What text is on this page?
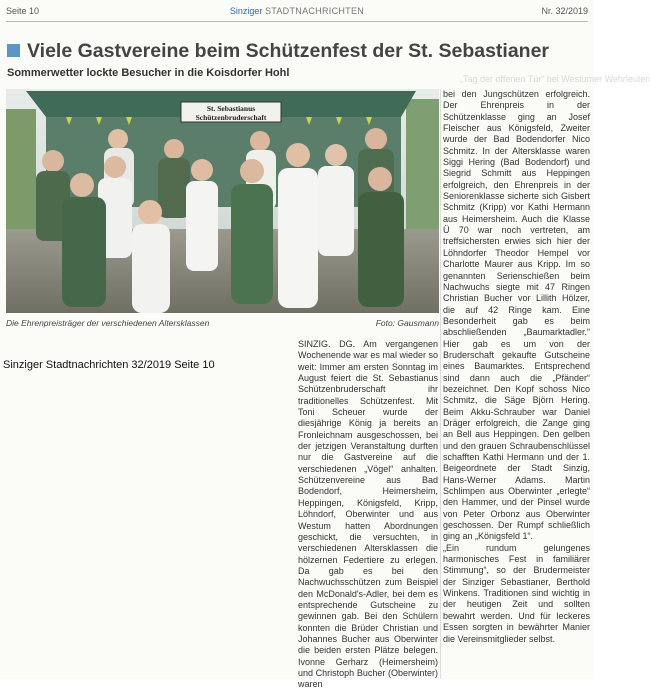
Seite 10	Sinziger STADTNACHRICHTEN	Nr. 32/2019
„Tag der offenen Tür“ bei Westumer Wehrleuten
Viele Gastvereine beim Schützenfest der St. Sebastianer
Sommerwetter lockte Besucher in die Koisdorfer Hohl
St. Sebastianus
Schützenbruderschaft
Die Ehrenpreisträger der verschiedenen Altersklassen	Foto: Gausmann
Sinziger Stadtnachrichten 32/2019 Seite 10

SINZIG. DG. Am vergangenen Wochenende war es mal wieder so weit: Immer am ersten Sonntag im August feiert die St. Sebastianus Schützenbruderschaft ihr traditionelles Schützenfest. Mit Toni Scheuer wurde der diesjährige König ja bereits an Fronleichnam ausgeschossen, bei der jetzigen Veranstaltung durften nur die Gastvereine auf die verschiedenen „Vögel“ anhalten. Schützenvereine aus Bad Bodendorf, Heimersheim, Heppingen, Königsfeld, Kripp, Löhndorf, Oberwinter und aus Westum hatten Abordnungen geschickt, die versuchten, in verschiedenen Altersklassen die hölzernen Federtiere zu erlegen. Da gab es bei den Nachwuchsschützen zum Beispiel den McDonald's-Adler, bei dem es entsprechende Gutscheine zu gewinnen gab. Bei den Schülern konnten die Brüder Christian und Johannes Bucher aus Oberwinter die beiden ersten Plätze belegen. Ivonne Gerharz (Heimersheim) und Christoph Bucher (Oberwinter) waren

bei den Jungschützen erfolgreich. Der Ehrenpreis in der Schützenklasse ging an Josef Fleischer aus Königsfeld, Zweiter wurde der Bad Bodendorfer Nico Schmitz. In der Altersklasse waren Siggi Hering (Bad Bodendorf) und Siegrid Schmitt aus Heppingen erfolgreich, den Ehrenpreis in der Seniorenklasse sicherte sich Gisbert Schmitz (Kripp) vor Kathi Hermann aus Heimersheim. Auch die Klasse Ü 70 war noch vertreten, am treffsichersten erwies sich hier der Löhndorfer Theodor Hempel vor Charlotte Maurer aus Kripp. Im so genannten Serienschießen beim Nachwuchs siegte mit 47 Ringen Christian Bucher vor Lillith Hölzer, die auf 42 Ringe kam. Eine Besonderheit gab es beim abschließenden „Baumarktadler.“ Hier gab es um von der Bruderschaft gekaufte Gutscheine eines Baumarktes. Entsprechend sind dann auch die „Pfänder“ bezeichnet. Den Kopf schoss Nico Schmitz, die Säge Björn Hering. Beim Akku-Schrauber war Daniel Dräger erfolgreich, die Zange ging an Bell aus Heppingen. Den gelben und den grauen Schraubenschlüssel schafften Kathi Hermann und der 1. Beigeordnete der Stadt Sinzig, Hans-Werner Adams. Martin Schlimpen aus Oberwinter „erlegte“ den Hammer, und der Pinsel wurde von Peter Orbonz aus Oberwinter geschossen. Der Rumpf schließlich ging an „Königsfeld 1“.

„Ein rundum gelungenes harmonisches Fest in familiärer Stimmung“, so der Brudermeister der Sinziger Sebastianer, Berthold Winkens. Traditionen sind wichtig in der heutigen Zeit und sollten bewahrt werden. Und für leckeres Essen sorgten in bewährter Manier die Vereinsmitglieder selbst.
